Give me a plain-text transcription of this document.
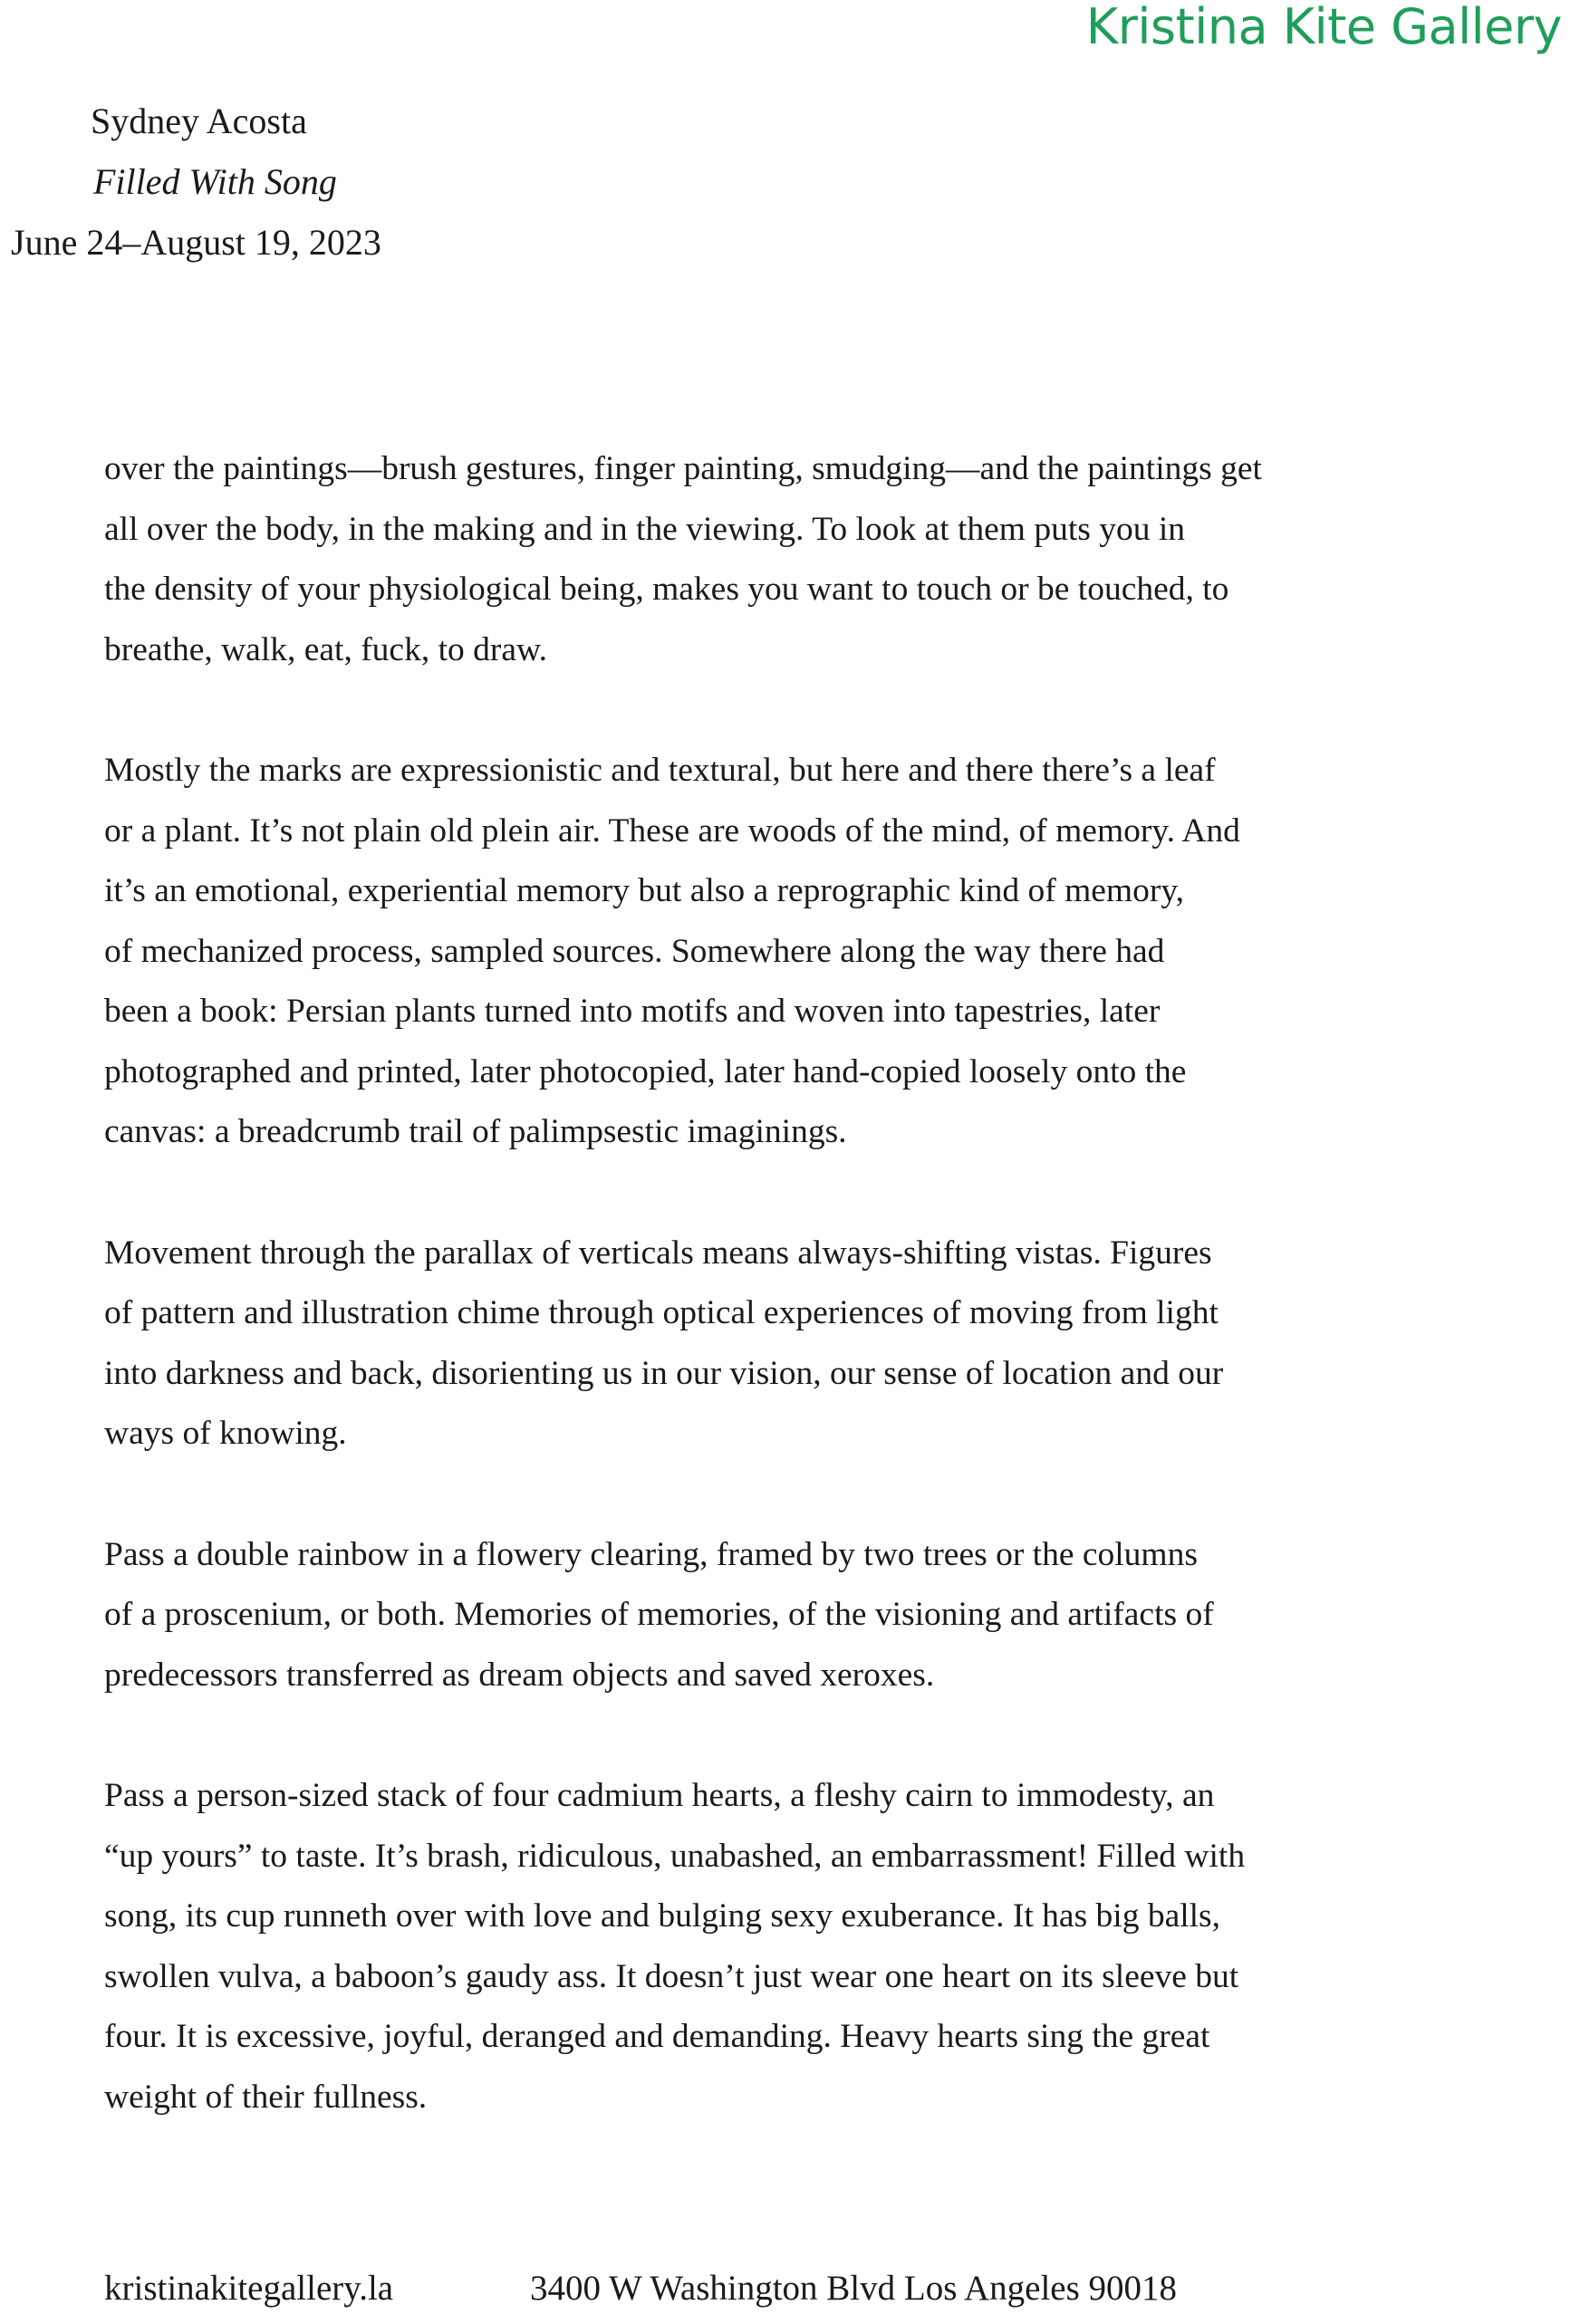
Kristina Kite Gallery
Sydney Acosta
Filled With Song
June 24–August 19, 2023
over the paintings—brush gestures, finger painting, smudging—and the paintings get
all over the body, in the making and in the viewing. To look at them puts you in
the density of your physiological being, makes you want to touch or be touched, to
breathe, walk, eat, fuck, to draw.
Mostly the marks are expressionistic and textural, but here and there there’s a leaf
or a plant. It’s not plain old plein air. These are woods of the mind, of memory. And
it’s an emotional, experiential memory but also a reprographic kind of memory,
of mechanized process, sampled sources. Somewhere along the way there had
been a book: Persian plants turned into motifs and woven into tapestries, later
photographed and printed, later photocopied, later hand-copied loosely onto the
canvas: a breadcrumb trail of palimpsestic imaginings.
Movement through the parallax of verticals means always-shifting vistas. Figures
of pattern and illustration chime through optical experiences of moving from light
into darkness and back, disorienting us in our vision, our sense of location and our
ways of knowing.
Pass a double rainbow in a flowery clearing, framed by two trees or the columns
of a proscenium, or both. Memories of memories, of the visioning and artifacts of
predecessors transferred as dream objects and saved xeroxes.
Pass a person-sized stack of four cadmium hearts, a fleshy cairn to immodesty, an
“up yours” to taste. It’s brash, ridiculous, unabashed, an embarrassment! Filled with
song, its cup runneth over with love and bulging sexy exuberance. It has big balls,
swollen vulva, a baboon’s gaudy ass. It doesn’t just wear one heart on its sleeve but
four. It is excessive, joyful, deranged and demanding. Heavy hearts sing the great
weight of their fullness.
kristinakitegallery.la	3400 W Washington Blvd Los Angeles 90018
